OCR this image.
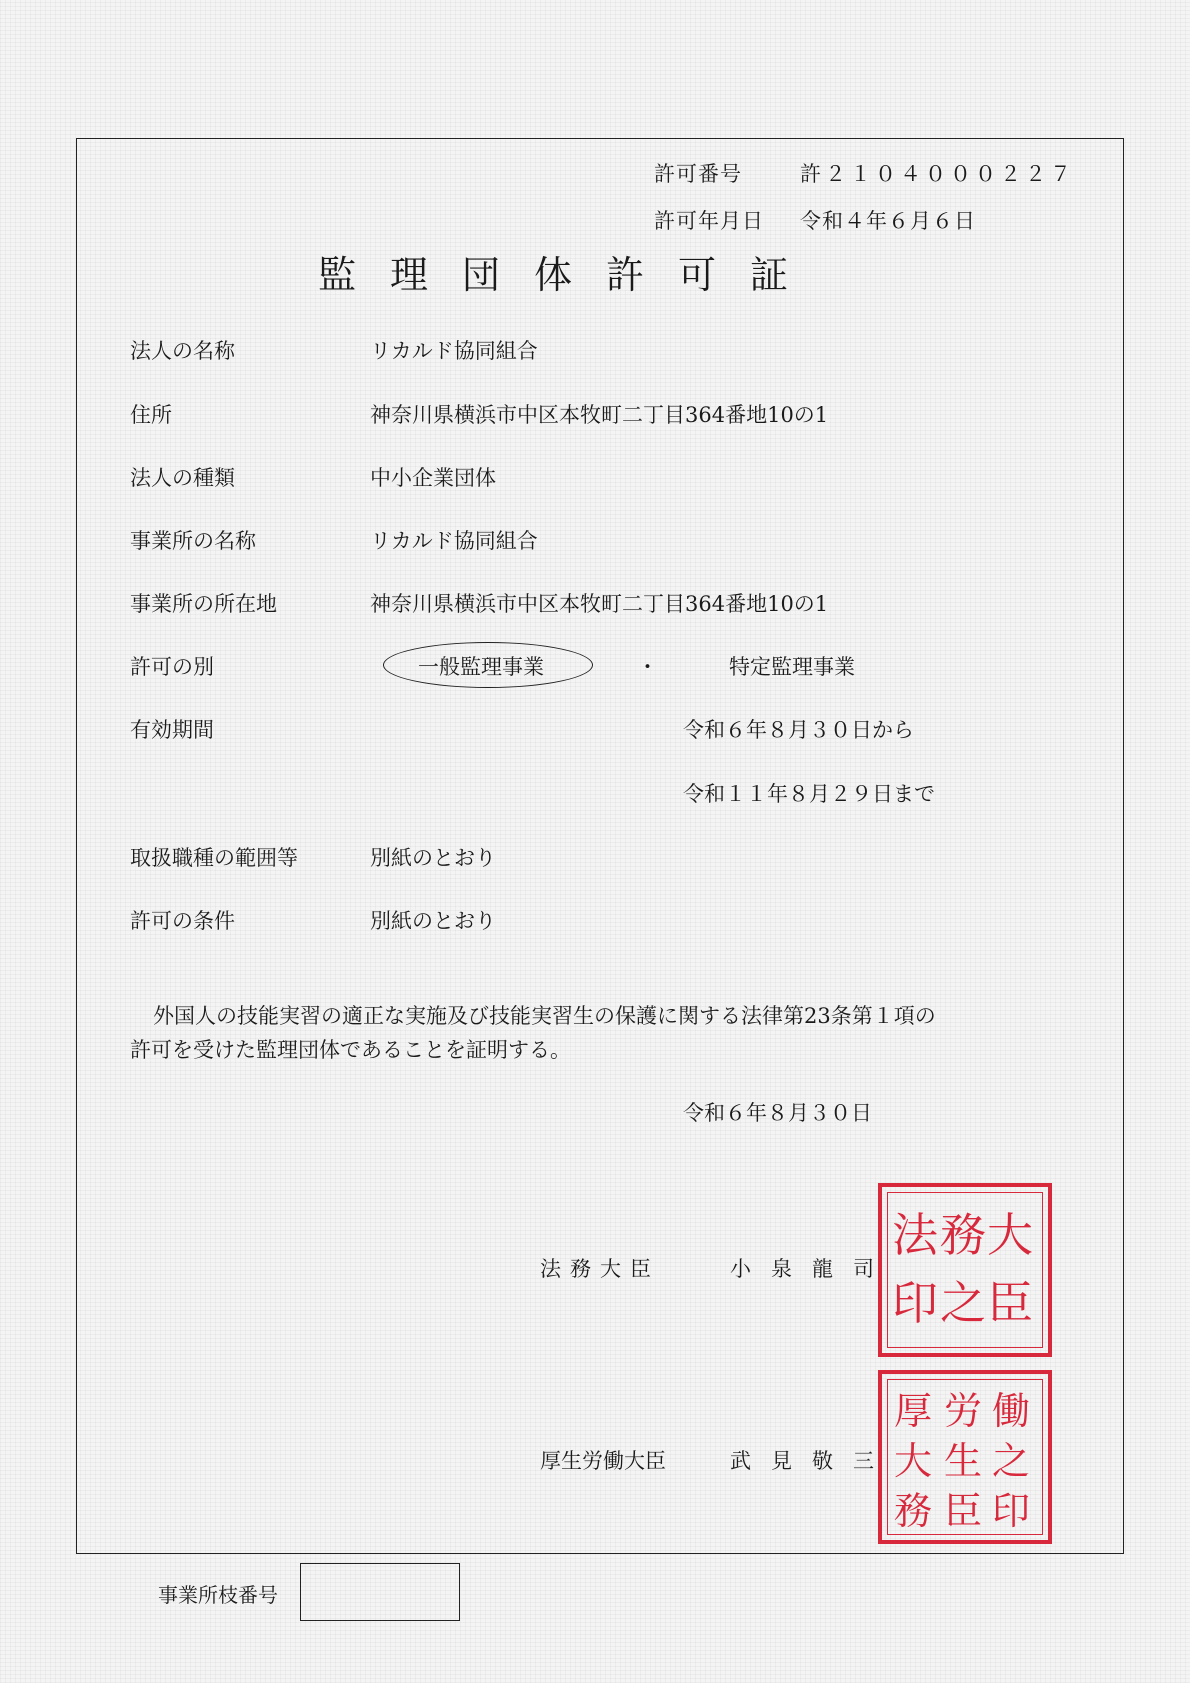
許可番号	許２１０４０００２２７
許可年月日 令和４年６月６日
監理団体許可証
法人の名称	リカルド協同組合
住所	神奈川県横浜市中区本牧町二丁目364番地10の1
法人の種類	中小企業団体
事業所の名称	リカルド協同組合
事業所の所在地	神奈川県横浜市中区本牧町二丁目364番地10の1
許可の別	一般監理事業	・	特定監理事業
有効期間	令和６年８月３０日から
令和１１年８月２９日まで
取扱職種の範囲等	別紙のとおり
許可の条件	別紙のとおり
外国人の技能実習の適正な実施及び技能実習生の保護に関する法律第23条第１項の
許可を受けた監理団体であることを証明する。
令和６年８月３０日
法務大臣	小泉龍司
厚生労働大臣	武見敬三
大
臣
務
之
法
印
働
之
印
労
生
臣
厚
大
務
事業所枝番号
